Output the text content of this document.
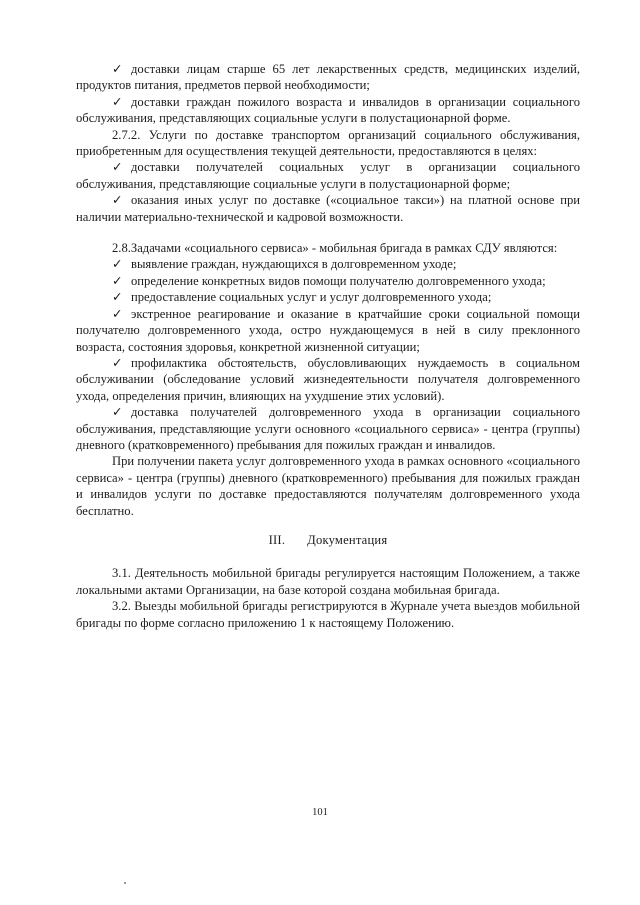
✓ доставки лицам старше 65 лет лекарственных средств, медицинских изделий, продуктов питания, предметов первой необходимости;

✓ доставки граждан пожилого возраста и инвалидов в организации социального обслуживания, представляющих социальные услуги в полустационарной форме.

2.7.2. Услуги по доставке транспортом организаций социального обслуживания, приобретенным для осуществления текущей деятельности, предоставляются в целях:

✓ доставки получателей социальных услуг в организации социального обслуживания, представляющие социальные услуги в полустационарной форме;

✓ оказания иных услуг по доставке («социальное такси») на платной основе при наличии материально-технической и кадровой возможности.

2.8.Задачами «социального сервиса» - мобильная бригада в рамках СДУ являются:

✓ выявление граждан, нуждающихся в долговременном уходе;

✓ определение конкретных видов помощи получателю долговременного ухода;

✓ предоставление социальных услуг и услуг долговременного ухода;

✓ экстренное реагирование и оказание в кратчайшие сроки социальной помощи получателю долговременного ухода, остро нуждающемуся в ней в силу преклонного возраста, состояния здоровья, конкретной жизненной ситуации;

✓ профилактика обстоятельств, обусловливающих нуждаемость в социальном обслуживании (обследование условий жизнедеятельности получателя долговременного ухода, определения причин, влияющих на ухудшение этих условий).

✓ доставка получателей долговременного ухода в организации социального обслуживания, представляющие услуги основного «социального сервиса» - центра (группы) дневного (кратковременного) пребывания для пожилых граждан и инвалидов.

При получении пакета услуг долговременного ухода в рамках основного «социального сервиса» - центра (группы) дневного (кратковременного) пребывания для пожилых граждан и инвалидов услуги по доставке предоставляются получателям долговременного ухода бесплатно.

III. Документация

3.1. Деятельность мобильной бригады регулируется настоящим Положением, а также локальными актами Организации, на базе которой создана мобильная бригада.

3.2. Выезды мобильной бригады регистрируются в Журнале учета выездов мобильной бригады по форме согласно приложению 1 к настоящему Положению.

101
